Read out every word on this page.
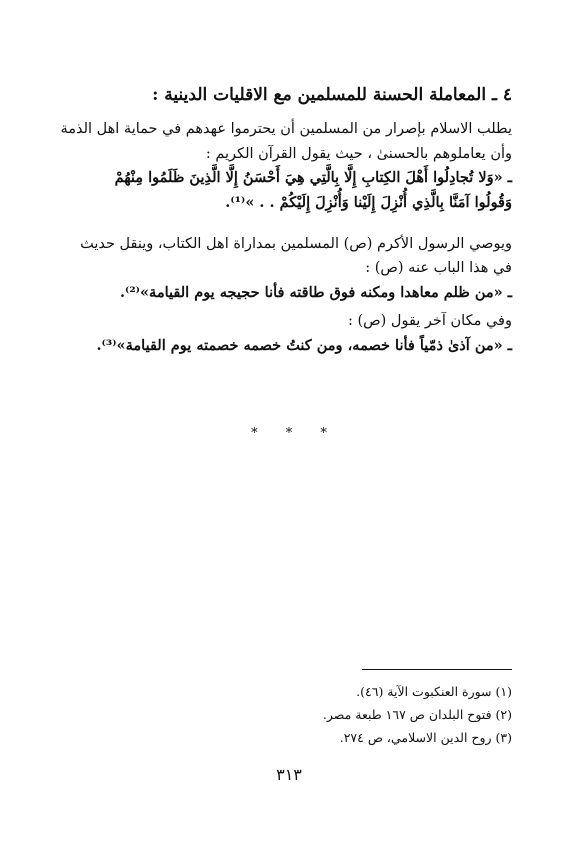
٤ ـ المعاملة الحسنة للمسلمين مع الاقليات الدينية :
يطلب الاسلام بإصرار من المسلمين أن يحترموا عهدهم في حماية اهل الذمة
وأن يعاملوهم بالحسنىٰ ، حيث يقول القرآن الكريم :
ـ «وَلا تُجادِلُوا أَهْلَ الكِتابِ إِلَّا بِالَّتِي هِيَ أَحْسَنُ إِلَّا الَّذِينَ ظَلَمُوا مِنْهُمْ
وَقُولُوا آمَنَّا بِالَّذِي أُنْزِلَ إِلَيْنا وَأُنْزِلَ إِلَيْكُمْ . . »⁽¹⁾.
ويوصي الرسول الأكرم (ص) المسلمين بمداراة اهل الكتاب، وينقل حديث
في هذا الباب عنه (ص) :
ـ «من ظلم معاهدا ومكنه فوق طاقته فأنا حجيجه يوم القيامة»⁽²⁾.
وفي مكان آخر يقول (ص) :
ـ «من آذىٰ ذمّياً فأنا خصمه، ومن كنتُ خصمه خصمته يوم القيامة»⁽³⁾.
* * *
(١) سورة العنكبوت الآية (٤٦).
(٢) فتوح البلدان ص ١٦٧ طبعة مصر.
(٣) روح الدين الاسلامي، ص ٢٧٤.
٣١٣
